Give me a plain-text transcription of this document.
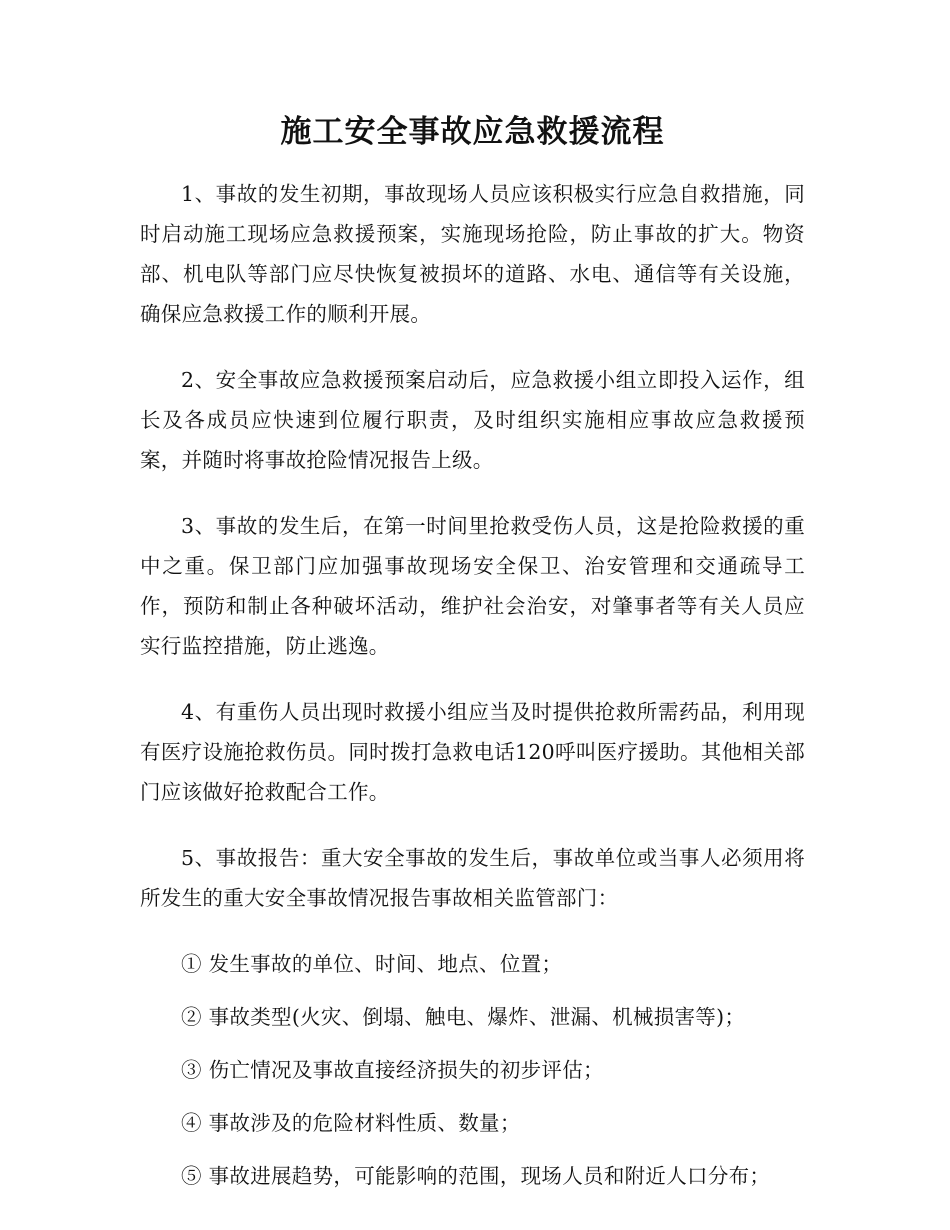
施工安全事故应急救援流程

1、事故的发生初期，事故现场人员应该积极实行应急自救措施，同时启动施工现场应急救援预案，实施现场抢险，防止事故的扩大。物资部、机电队等部门应尽快恢复被损坏的道路、水电、通信等有关设施，确保应急救援工作的顺利开展。

2、安全事故应急救援预案启动后，应急救援小组立即投入运作，组长及各成员应快速到位履行职责，及时组织实施相应事故应急救援预案，并随时将事故抢险情况报告上级。

3、事故的发生后，在第一时间里抢救受伤人员，这是抢险救援的重中之重。保卫部门应加强事故现场安全保卫、治安管理和交通疏导工作，预防和制止各种破坏活动，维护社会治安，对肇事者等有关人员应实行监控措施，防止逃逸。

4、有重伤人员出现时救援小组应当及时提供抢救所需药品，利用现有医疗设施抢救伤员。同时拨打急救电话120呼叫医疗援助。其他相关部门应该做好抢救配合工作。

5、事故报告：重大安全事故的发生后，事故单位或当事人必须用将所发生的重大安全事故情况报告事故相关监管部门：

① 发生事故的单位、时间、地点、位置；
② 事故类型(火灾、倒塌、触电、爆炸、泄漏、机械损害等)；
③ 伤亡情况及事故直接经济损失的初步评估；
④ 事故涉及的危险材料性质、数量；
⑤ 事故进展趋势，可能影响的范围，现场人员和附近人口分布；
